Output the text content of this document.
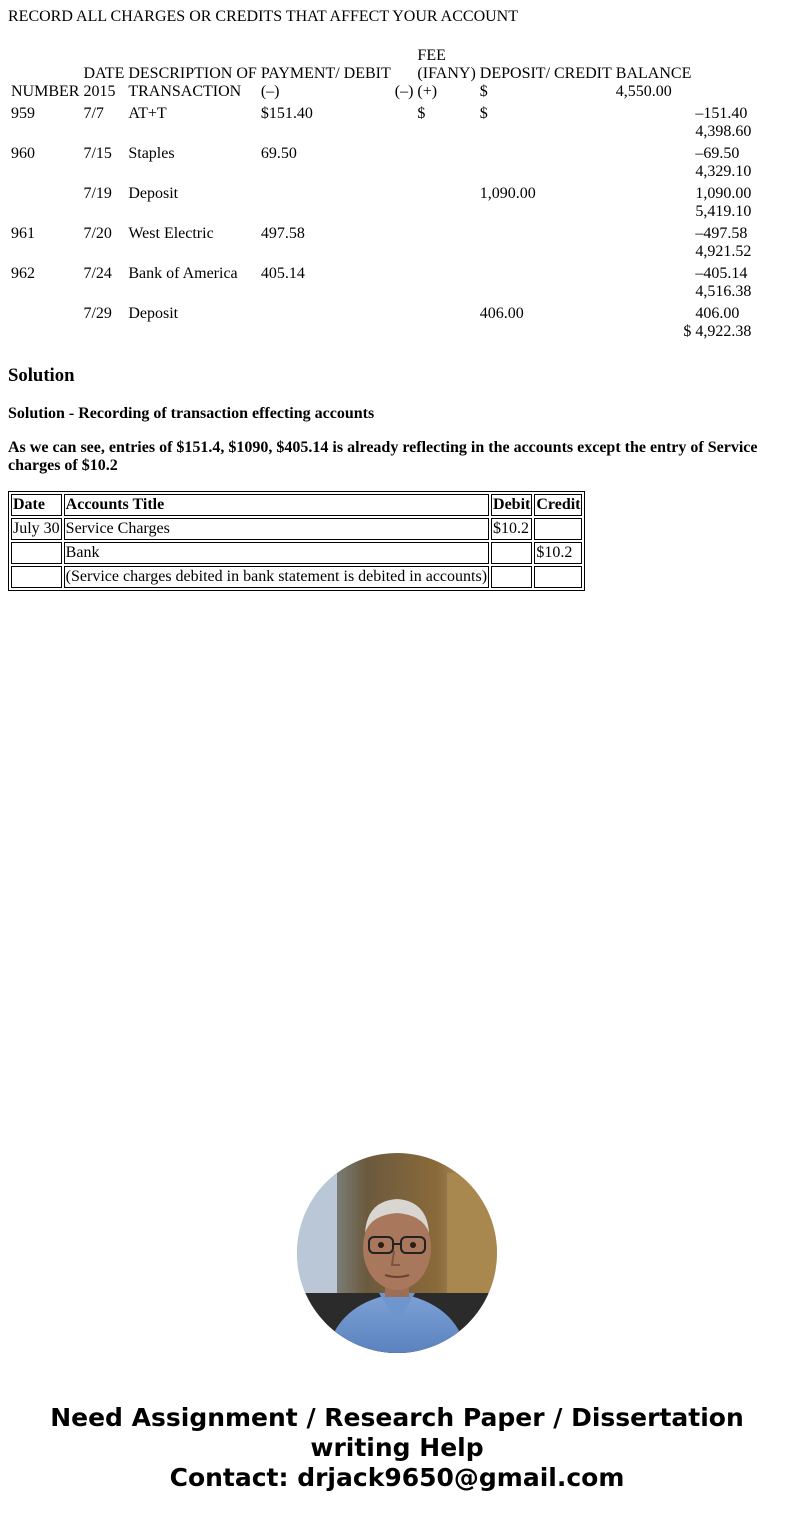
RECORD ALL CHARGES OR CREDITS THAT AFFECT YOUR ACCOUNT
NUMBER	DATE
2015	DESCRIPTION OF
TRANSACTION	PAYMENT/ DEBIT
(–)	(–)	FEE
(IFANY)
(+)	DEPOSIT/ CREDIT
$	BALANCE
4,550.00	
959	7/7	AT+T	$151.40		$	$		–151.40
4,398.60
960	7/15	Staples	69.50					–69.50
4,329.10
	7/19	Deposit				1,090.00		1,090.00
5,419.10
961	7/20	West Electric	497.58					–497.58
4,921.52
962	7/24	Bank of America	405.14					–405.14
4,516.38
	7/29	Deposit				406.00	$	406.00
4,922.38
Solution
Solution - Recording of transaction effecting accounts
As we can see, entries of $151.4, $1090, $405.14 is already reflecting in the accounts except the entry of Service charges of $10.2
Date	Accounts Title	Debit	Credit
July 30	Service Charges	$10.2	
	Bank		$10.2
	(Service charges debited in bank statement is debited in accounts)		
Need Assignment / Research Paper / Dissertation
writing Help
Contact: drjack9650@gmail.com
